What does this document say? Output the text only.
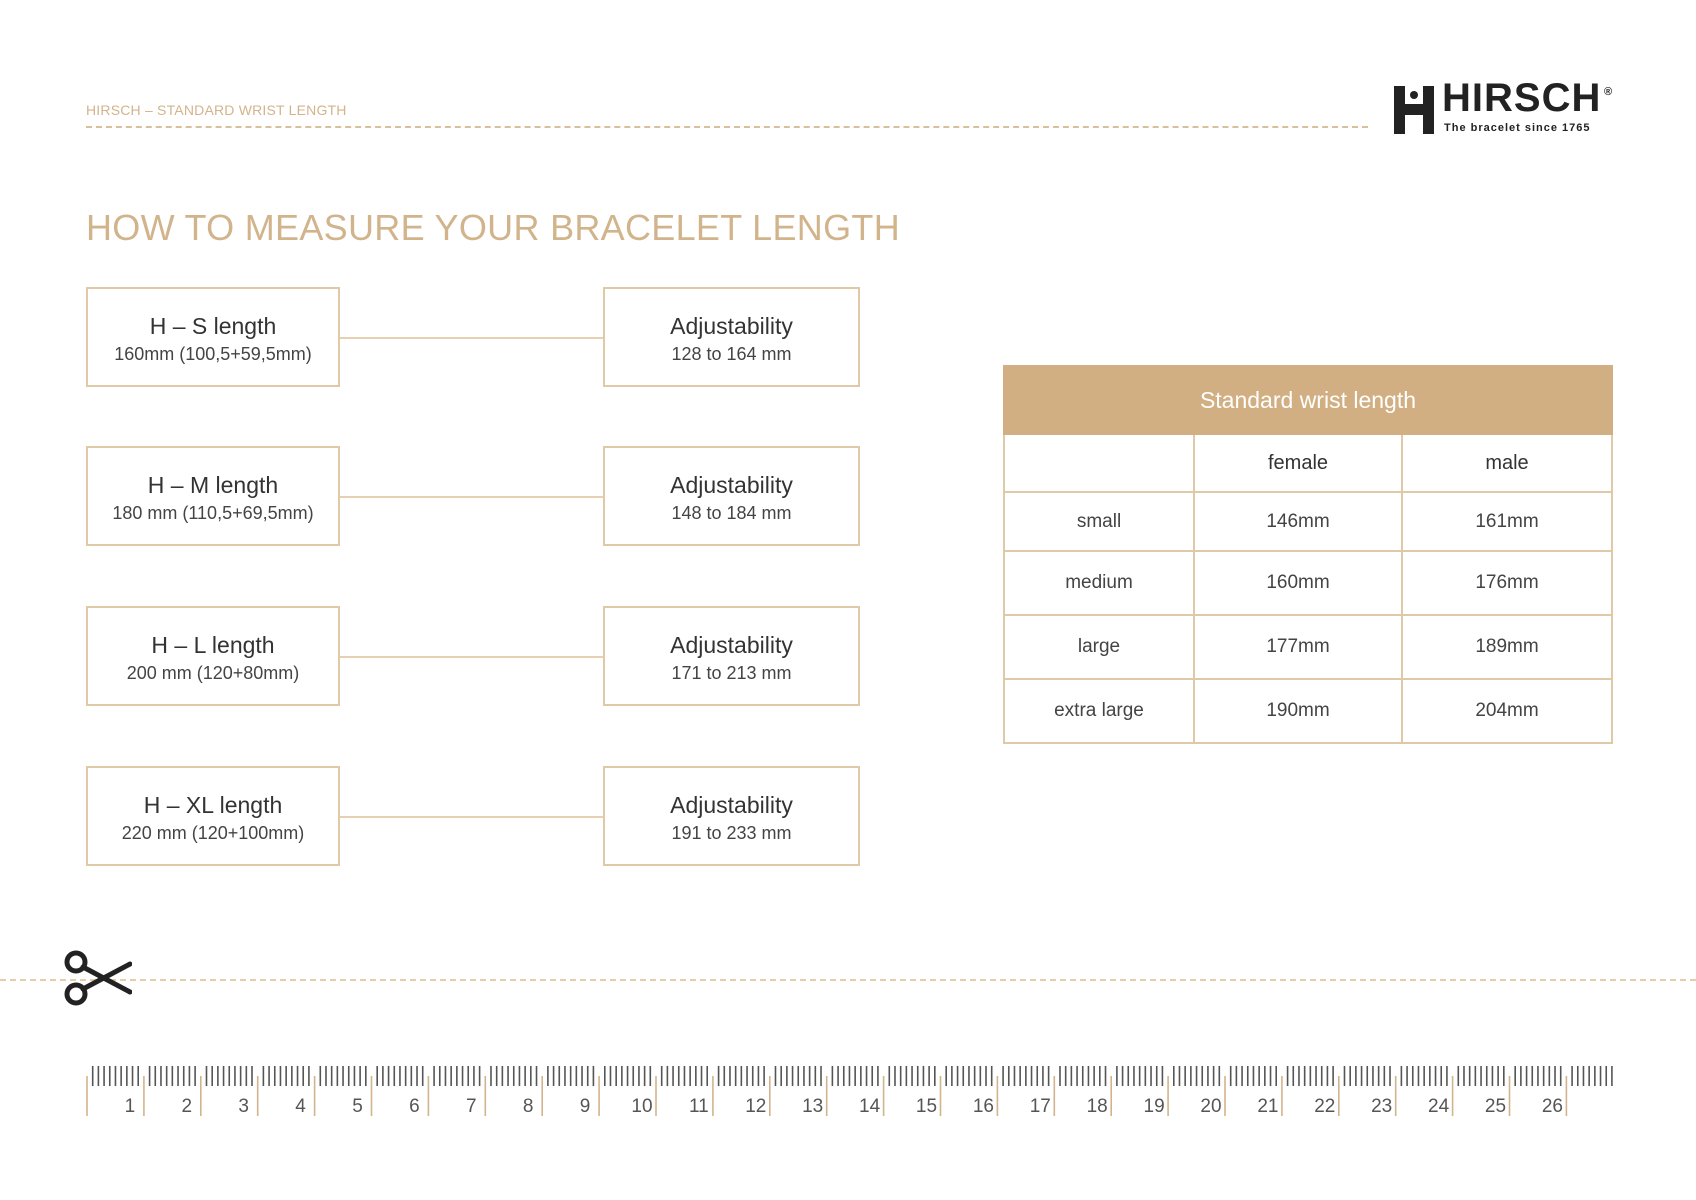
HIRSCH – STANDARD WRIST LENGTH	HIRSCH ®
The bracelet since 1765
HOW TO MEASURE YOUR BRACELET LENGTH
H – S length
160mm (100,5+59,5mm)
Adjustability
128 to 164 mm
H – M length
180 mm (110,5+69,5mm)
Adjustability
148 to 184 mm
H – L length
200 mm (120+80mm)
Adjustability
171 to 213 mm
H – XL length
220 mm (120+100mm)
Adjustability
191 to 233 mm
Standard wrist length		
	female	male
small	146mm	161mm
medium	160mm	176mm
large	177mm	189mm
extra large	190mm	204mm
1	2	3	4	5	6	7	8	9	10	11	12	13	14	15	16	17	18	19	20	21	22	23	24	25	26
